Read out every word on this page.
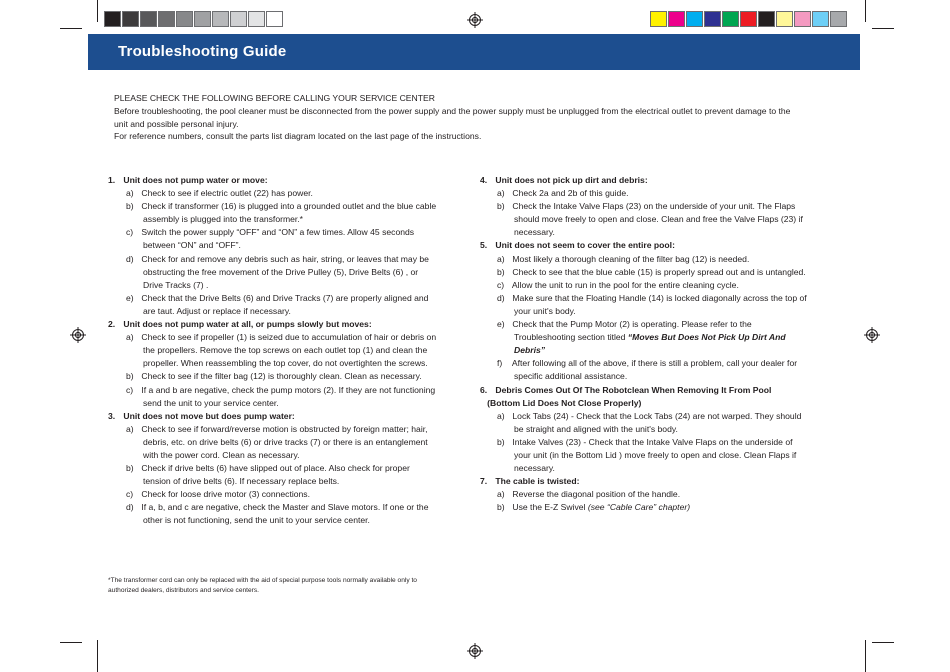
Troubleshooting Guide
PLEASE CHECK THE FOLLOWING BEFORE CALLING YOUR SERVICE CENTER
Before troubleshooting, the pool cleaner must be disconnected from the power supply and the power supply must be unplugged from the electrical outlet to prevent damage to the
unit and possible personal injury.
For reference numbers, consult the parts list diagram located on the last page of the instructions.
1. Unit does not pump water or move:
a) Check to see if electric outlet (22) has power.
b) Check if transformer (16) is plugged into a grounded outlet and the blue cable
assembly is plugged into the transformer.*
c) Switch the power supply “OFF” and “ON” a few times. Allow 45 seconds
between “ON” and “OFF”.
d) Check for and remove any debris such as hair, string, or leaves that may be
obstructing the free movement of the Drive Pulley (5), Drive Belts (6) , or
Drive Tracks (7) .
e) Check that the Drive Belts (6) and Drive Tracks (7) are properly aligned and
are taut. Adjust or replace if necessary.
2. Unit does not pump water at all, or pumps slowly but moves:
a) Check to see if propeller (1) is seized due to accumulation of hair or debris on
the propellers. Remove the top screws on each outlet top (1) and clean the
propeller. When reassembling the top cover, do not overtighten the screws.
b) Check to see if the filter bag (12) is thoroughly clean. Clean as necessary.
c) If a and b are negative, check the pump motors (2). If they are not functioning
send the unit to your service center.
3. Unit does not move but does pump water:
a) Check to see if forward/reverse motion is obstructed by foreign matter; hair,
debris, etc. on drive belts (6) or drive tracks (7) or there is an entanglement
with the power cord. Clean as necessary.
b) Check if drive belts (6) have slipped out of place. Also check for proper
tension of drive belts (6). If necessary replace belts.
c) Check for loose drive motor (3) connections.
d) If a, b, and c are negative, check the Master and Slave motors. If one or the
other is not functioning, send the unit to your service center.
4. Unit does not pick up dirt and debris:
a) Check 2a and 2b of this guide.
b) Check the Intake Valve Flaps (23) on the underside of your unit. The Flaps
should move freely to open and close. Clean and free the Valve Flaps (23) if
necessary.
5. Unit does not seem to cover the entire pool:
a) Most likely a thorough cleaning of the filter bag (12) is needed.
b) Check to see that the blue cable (15) is properly spread out and is untangled.
c) Allow the unit to run in the pool for the entire cleaning cycle.
d) Make sure that the Floating Handle (14) is locked diagonally across the top of
your unit's body.
e) Check that the Pump Motor (2) is operating. Please refer to the
Troubleshooting section titled “Moves But Does Not Pick Up Dirt And
Debris”
f) After following all of the above, if there is still a problem, call your dealer for
specific additional assistance.
6. Debris Comes Out Of The Robotclean When Removing It From Pool
(Bottom Lid Does Not Close Properly)
a) Lock Tabs (24) - Check that the Lock Tabs (24) are not warped. They should
be straight and aligned with the unit's body.
b) Intake Valves (23) - Check that the Intake Valve Flaps on the underside of
your unit (in the Bottom Lid ) move freely to open and close. Clean Flaps if
necessary.
7. The cable is twisted:
a) Reverse the diagonal position of the handle.
b) Use the E-Z Swivel (see “Cable Care” chapter)
*The transformer cord can only be replaced with the aid of special purpose tools normally available only to
authorized dealers, distributors and service centers.
